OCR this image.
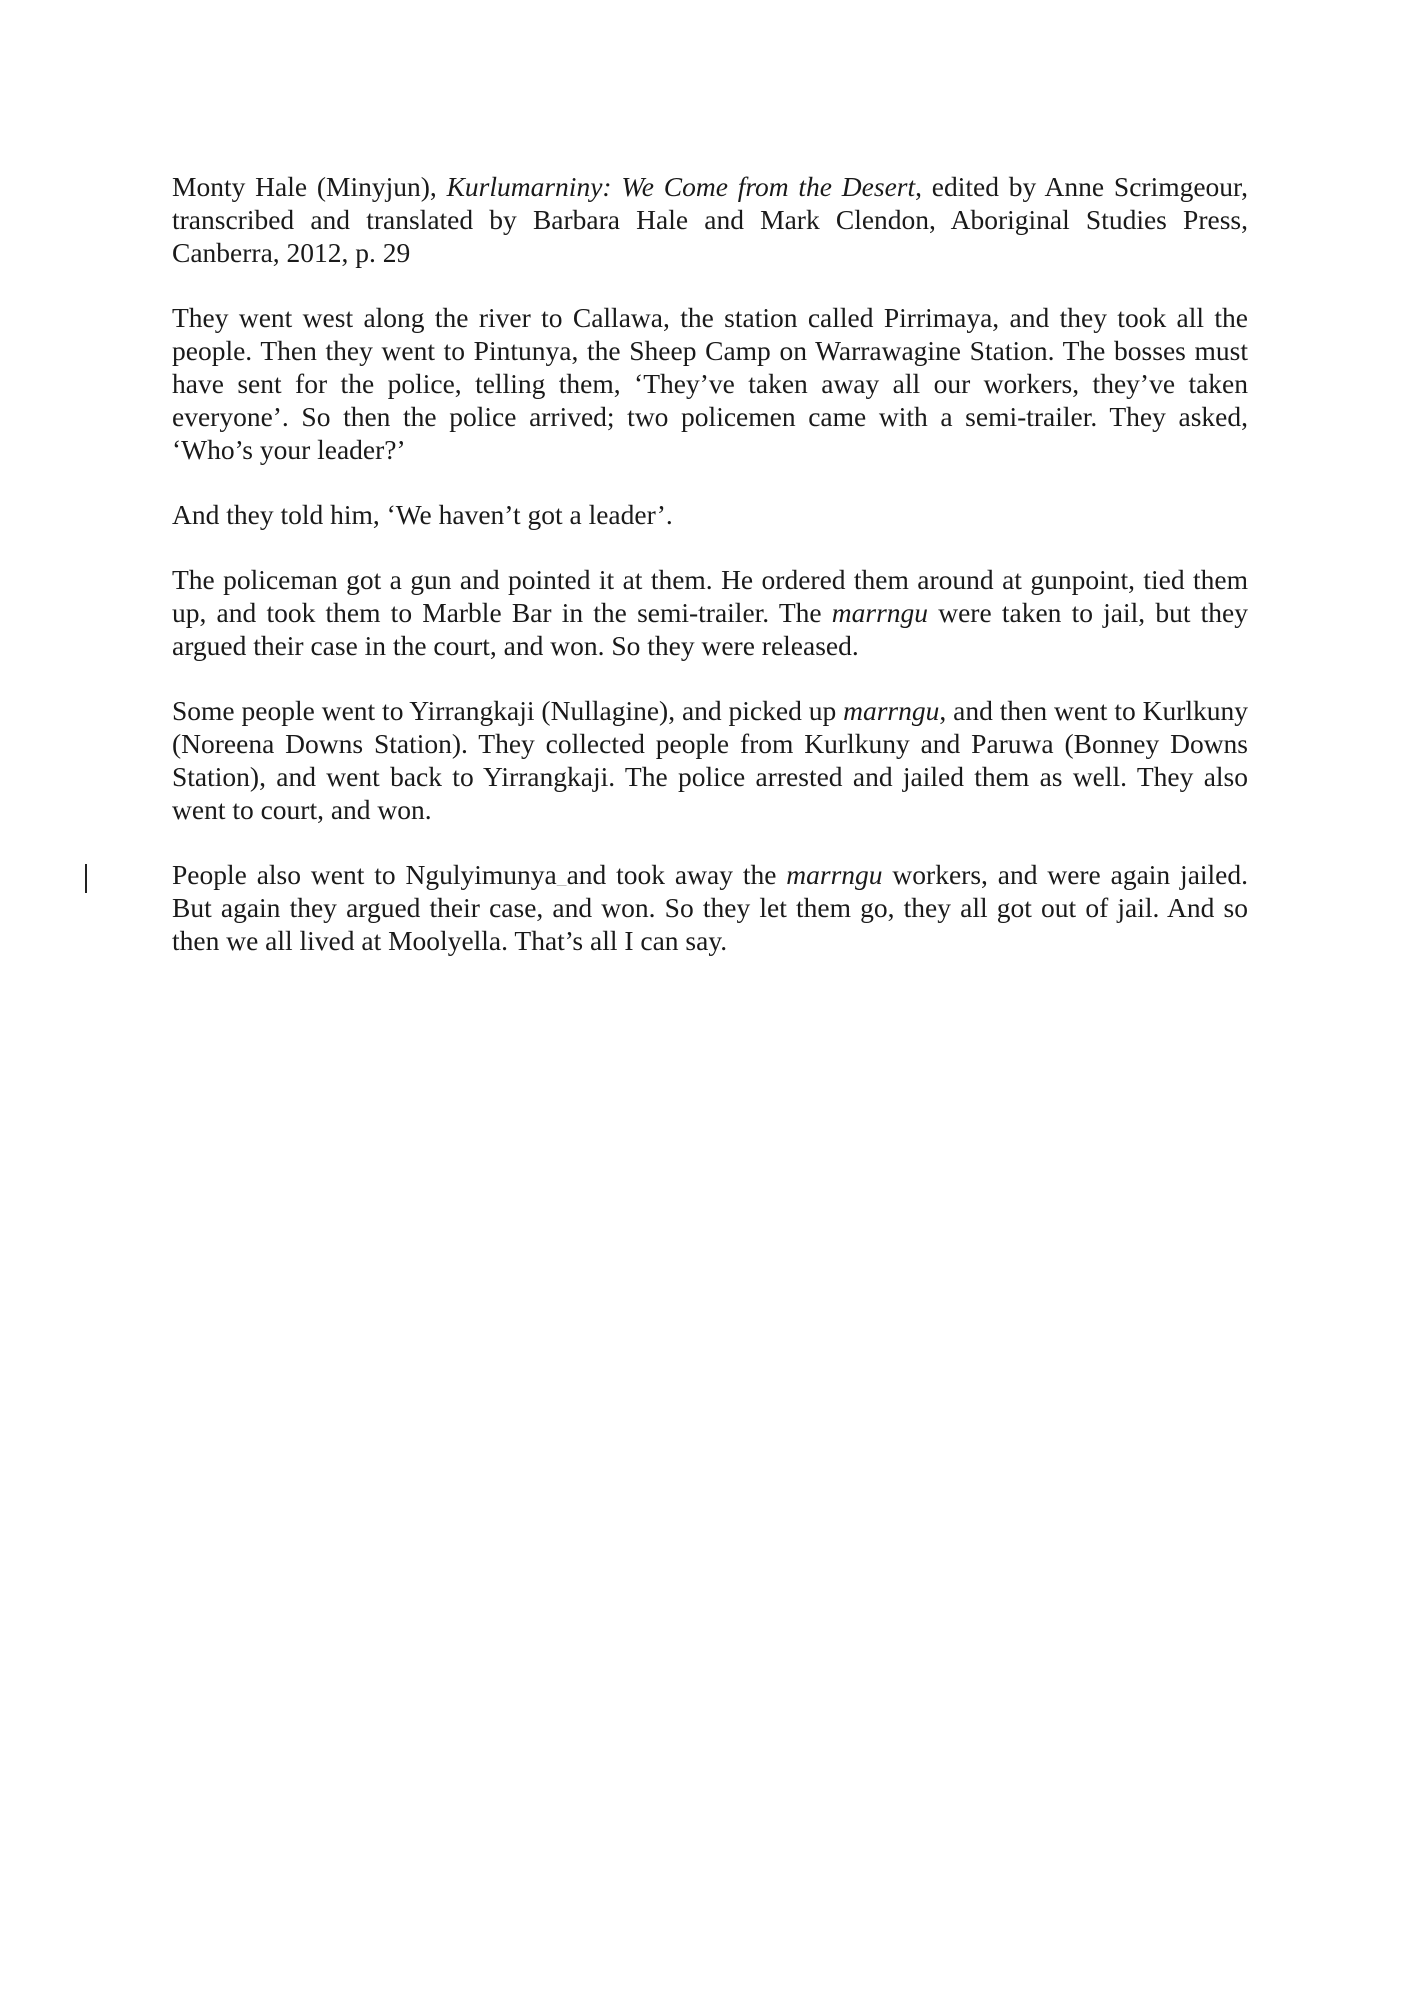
Monty Hale (Minyjun), Kurlumarniny: We Come from the Desert, edited by Anne Scrimgeour, transcribed and translated by Barbara Hale and Mark Clendon, Aboriginal Studies Press, Canberra, 2012, p. 29

They went west along the river to Callawa, the station called Pirrimaya, and they took all the people. Then they went to Pintunya, the Sheep Camp on Warrawagine Station. The bosses must have sent for the police, telling them, ‘They’ve taken away all our workers, they’ve taken everyone’. So then the police arrived; two policemen came with a semi-trailer. They asked, ‘Who’s your leader?’

And they told him, ‘We haven’t got a leader’.

The policeman got a gun and pointed it at them. He ordered them around at gunpoint, tied them up, and took them to Marble Bar in the semi-trailer. The marrngu were taken to jail, but they argued their case in the court, and won. So they were released.

Some people went to Yirrangkaji (Nullagine), and picked up marrngu, and then went to Kurlkuny (Noreena Downs Station). They collected people from Kurlkuny and Paruwa (Bonney Downs Station), and went back to Yirrangkaji. The police arrested and jailed them as well. They also went to court, and won.

People also went to Ngulyimunya and took away the marrngu workers, and were again jailed. But again they argued their case, and won. So they let them go, they all got out of jail. And so then we all lived at Moolyella. That’s all I can say.
